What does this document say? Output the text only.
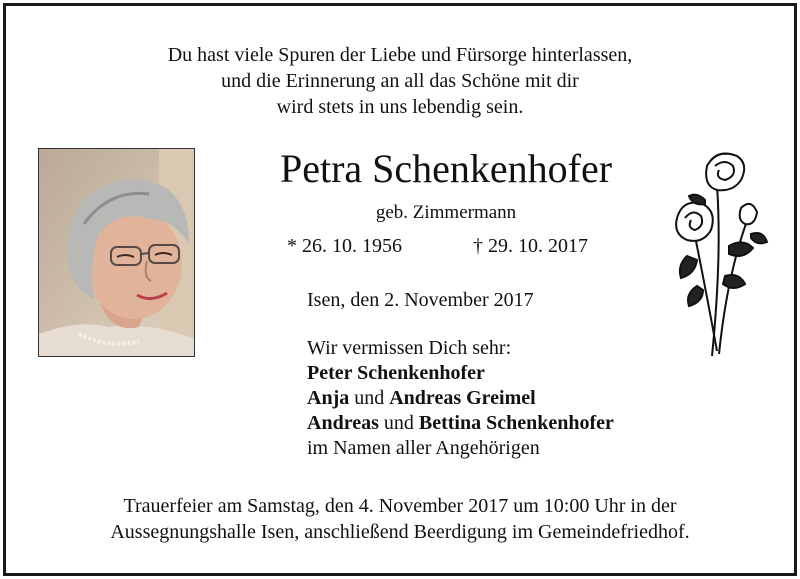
Du hast viele Spuren der Liebe und Fürsorge hinterlassen,
und die Erinnerung an all das Schöne mit dir
wird stets in uns lebendig sein.
Petra Schenkenhofer
geb. Zimmermann
* 26. 10. 1956	† 29. 10. 2017
Isen, den 2. November 2017
Wir vermissen Dich sehr:
Peter Schenkenhofer
Anja und Andreas Greimel
Andreas und Bettina Schenkenhofer
im Namen aller Angehörigen
Trauerfeier am Samstag, den 4. November 2017 um 10:00 Uhr in der
Aussegnungshalle Isen, anschließend Beerdigung im Gemeindefriedhof.
